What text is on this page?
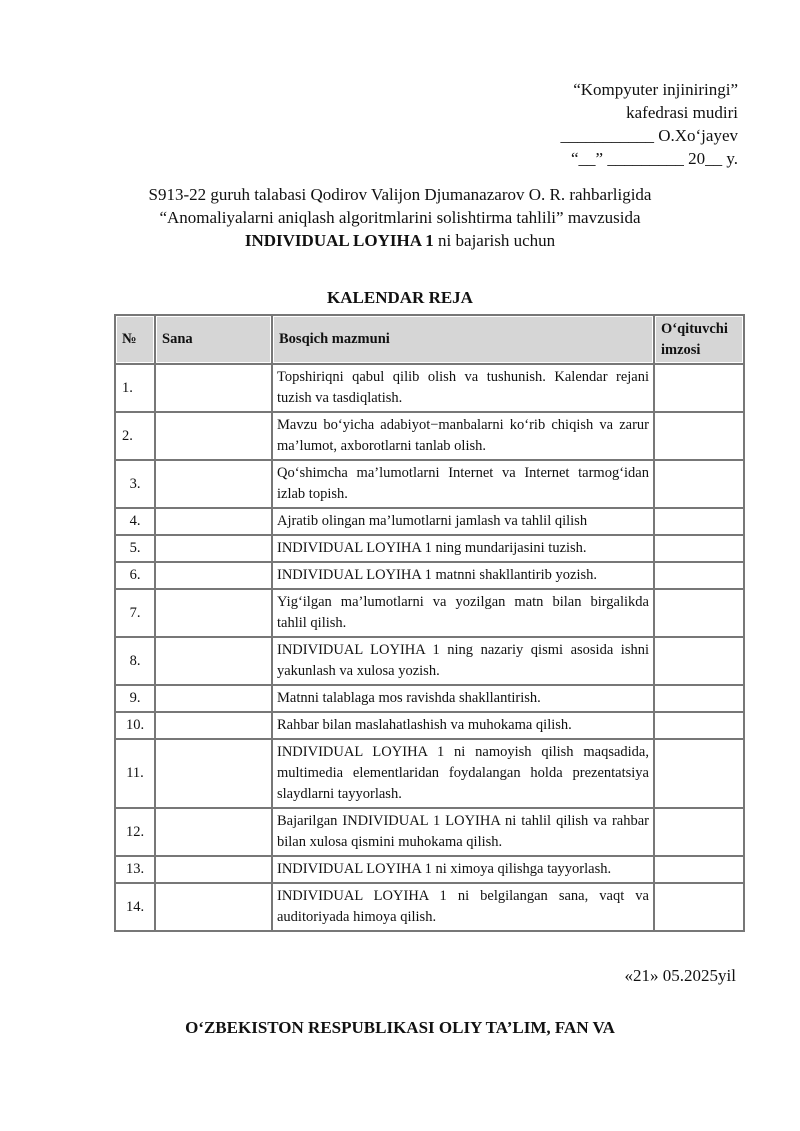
“Kompyuter injiniringi”
kafedrasi mudiri
___________ O.Xo‘jayev
“__” _________ 20__ y.
S913-22 guruh talabasi Qodirov Valijon Djumanazarov O. R. rahbarligida
“Anomaliyalarni aniqlash algoritmlarini solishtirma tahlili” mavzusida
INDIVIDUAL LOYIHA 1 ni bajarish uchun
KALENDAR REJA
№	Sana	Bosqich mazmuni	O‘qituvchi imzosi
1.		Topshiriqni qabul qilib olish va tushunish. Kalendar rejani tuzish va tasdiqlatish.	
2.		Mavzu bo‘yicha adabiyot−manbalarni ko‘rib chiqish va zarur ma’lumot, axborotlarni tanlab olish.	
3.		Qo‘shimcha ma’lumotlarni Internet va Internet tarmog‘idan izlab topish.	
4.		Ajratib olingan ma’lumotlarni jamlash va tahlil qilish	
5.		INDIVIDUAL LOYIHA 1 ning mundarijasini tuzish.	
6.		INDIVIDUAL LOYIHA 1 matnni shakllantirib yozish.	
7.		Yig‘ilgan ma’lumotlarni va yozilgan matn bilan birgalikda tahlil qilish.	
8.		INDIVIDUAL LOYIHA 1 ning nazariy qismi asosida ishni yakunlash va xulosa yozish.	
9.		Matnni talablaga mos ravishda shakllantirish.	
10.		Rahbar bilan maslahatlashish va muhokama qilish.	
11.		INDIVIDUAL LOYIHA 1 ni namoyish qilish maqsadida, multimedia elementlaridan foydalangan holda prezentatsiya slaydlarni tayyorlash.	
12.		Bajarilgan INDIVIDUAL 1 LOYIHA ni tahlil qilish va rahbar bilan xulosa qismini muhokama qilish.	
13.		INDIVIDUAL LOYIHA 1 ni ximoya qilishga tayyorlash.	
14.		INDIVIDUAL LOYIHA 1 ni belgilangan sana, vaqt va auditoriyada himoya qilish.	
«21» 05.2025yil
O‘ZBEKISTON RESPUBLIKASI OLIY TA’LIM, FAN VA
